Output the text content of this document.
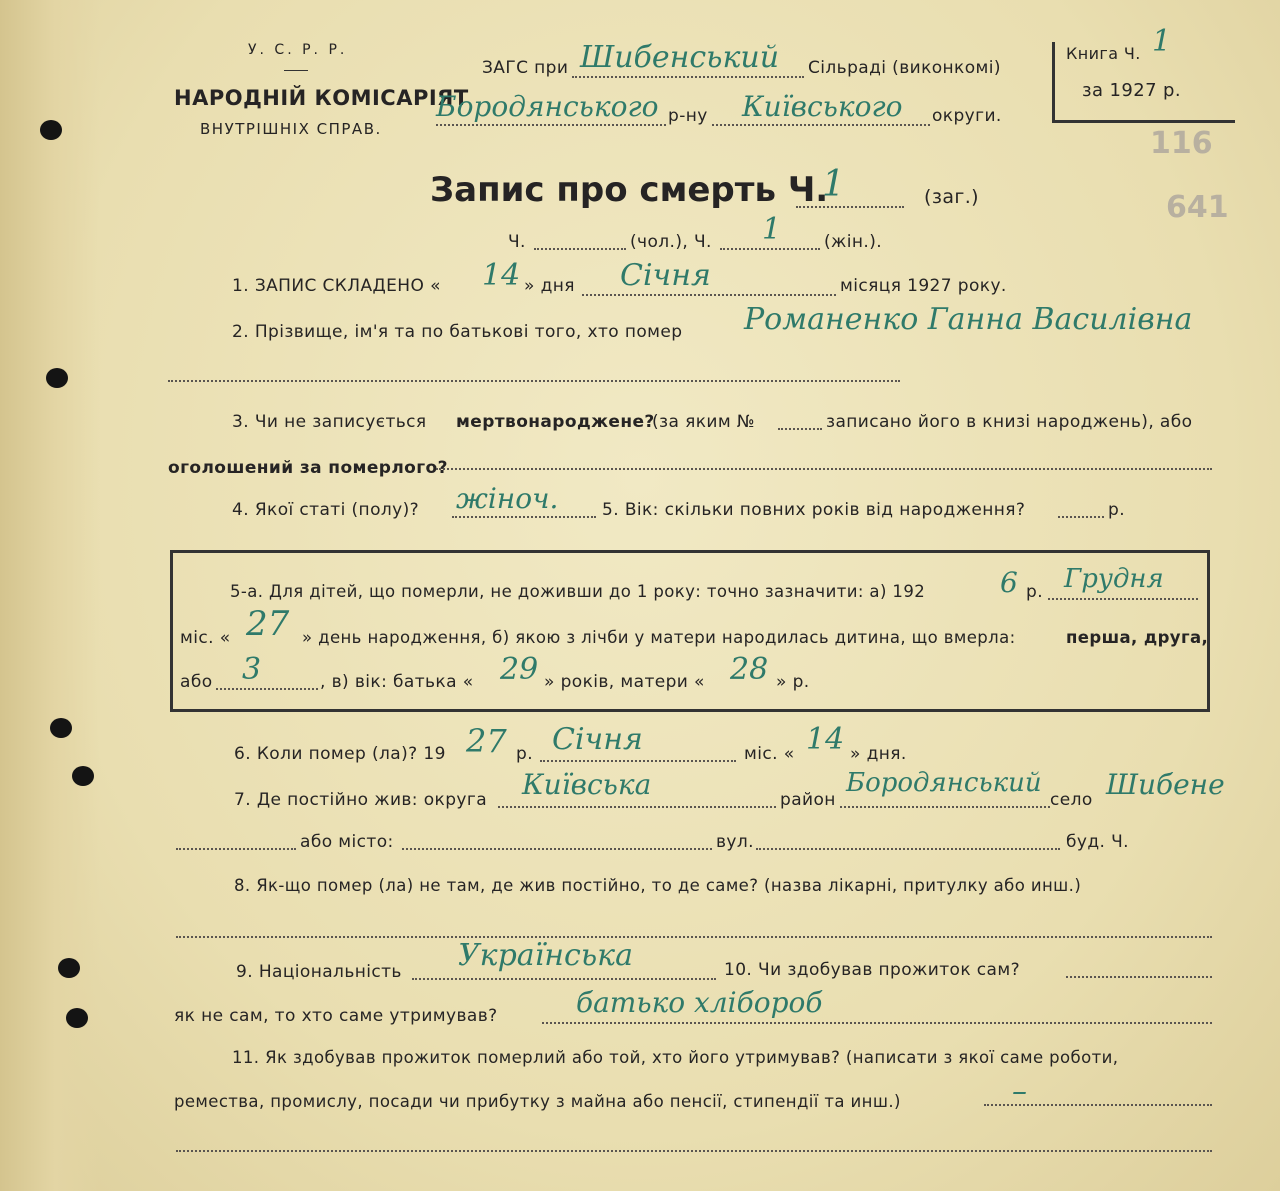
У. С. Р. Р.
НАРОДНІЙ КОМІСАРІЯТ
ВНУТРІШНІХ СПРАВ.
ЗАГС при Шибенський Сільраді (виконкомі)
Бородянського р-ну Київського округи.
Книга Ч. 1
за 1927 р.
116
641
Запис про смерть Ч.
1	(заг.)
Ч.	(чол.), Ч. 1	(жін.).
1. ЗАПИС СКЛАДЕНО « 14 » дня Січня	місяця 1927 року.
2. Прізвище, ім'я та по батькові того, хто помер Романенко Ганна Василівна
3. Чи не записується мертвонароджене?
(за яким №	записано його в книзі народжень), або
оголошений за померлого?
4. Якої статі (полу)? жіноч.	5. Вік: скільки повних років від народження?	р.
5-а. Для дітей, що померли, не доживши до 1 року: точно зазначити: а) 192	6 р. Грудня
міс. « 27 » день народження, б) якою з лічби у матери народилась дитина, що вмерла:	перша, друга,
або 3	, в) вік: батька « 29 » років, матери « 28 » р.
6. Коли помер (ла)? 19 27 р. Січня	міс. « 14 » дня.
7. Де постійно жив: округа Київська	район
Бородянський
село Шибене
або місто:	вул.	буд. Ч.
8. Як-що помер (ла) не там, де жив постійно, то де саме? (назва лікарні, притулку або инш.)
9. Національність Українська	10. Чи здобував прожиток сам?
як не сам, то хто саме утримував?	батько хлібороб
11. Як здобував прожиток померлий або той, хто його утримував? (написати з якої саме роботи,
ремества, промислу, посади чи прибутку з майна або пенсії, стипендії та инш.)	–
